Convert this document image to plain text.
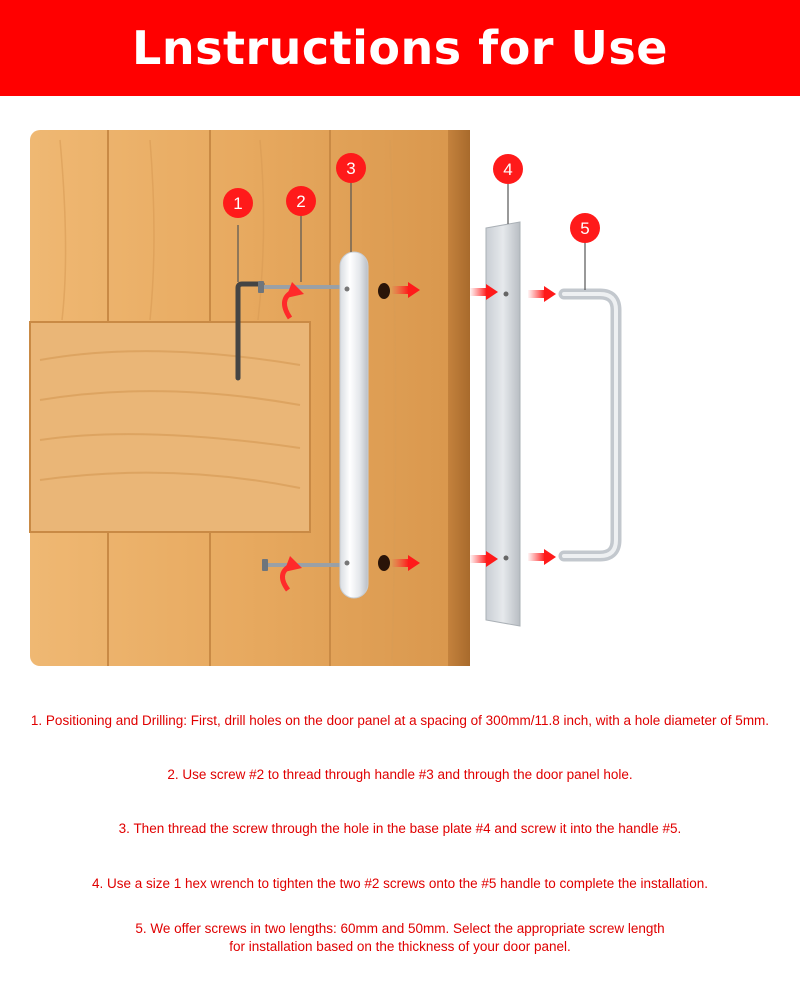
Lnstructions for Use
1	2
3	4
5
1. Positioning and Drilling: First, drill holes on the door panel at a spacing of 300mm/11.8 inch, with a hole diameter of 5mm.
2. Use screw #2 to thread through handle #3 and through the door panel hole.
3. Then thread the screw through the hole in the base plate #4 and screw it into the handle #5.
4. Use a size 1 hex wrench to tighten the two #2 screws onto the #5 handle to complete the installation.
5. We offer screws in two lengths: 60mm and 50mm. Select the appropriate screw length
for installation based on the thickness of your door panel.
